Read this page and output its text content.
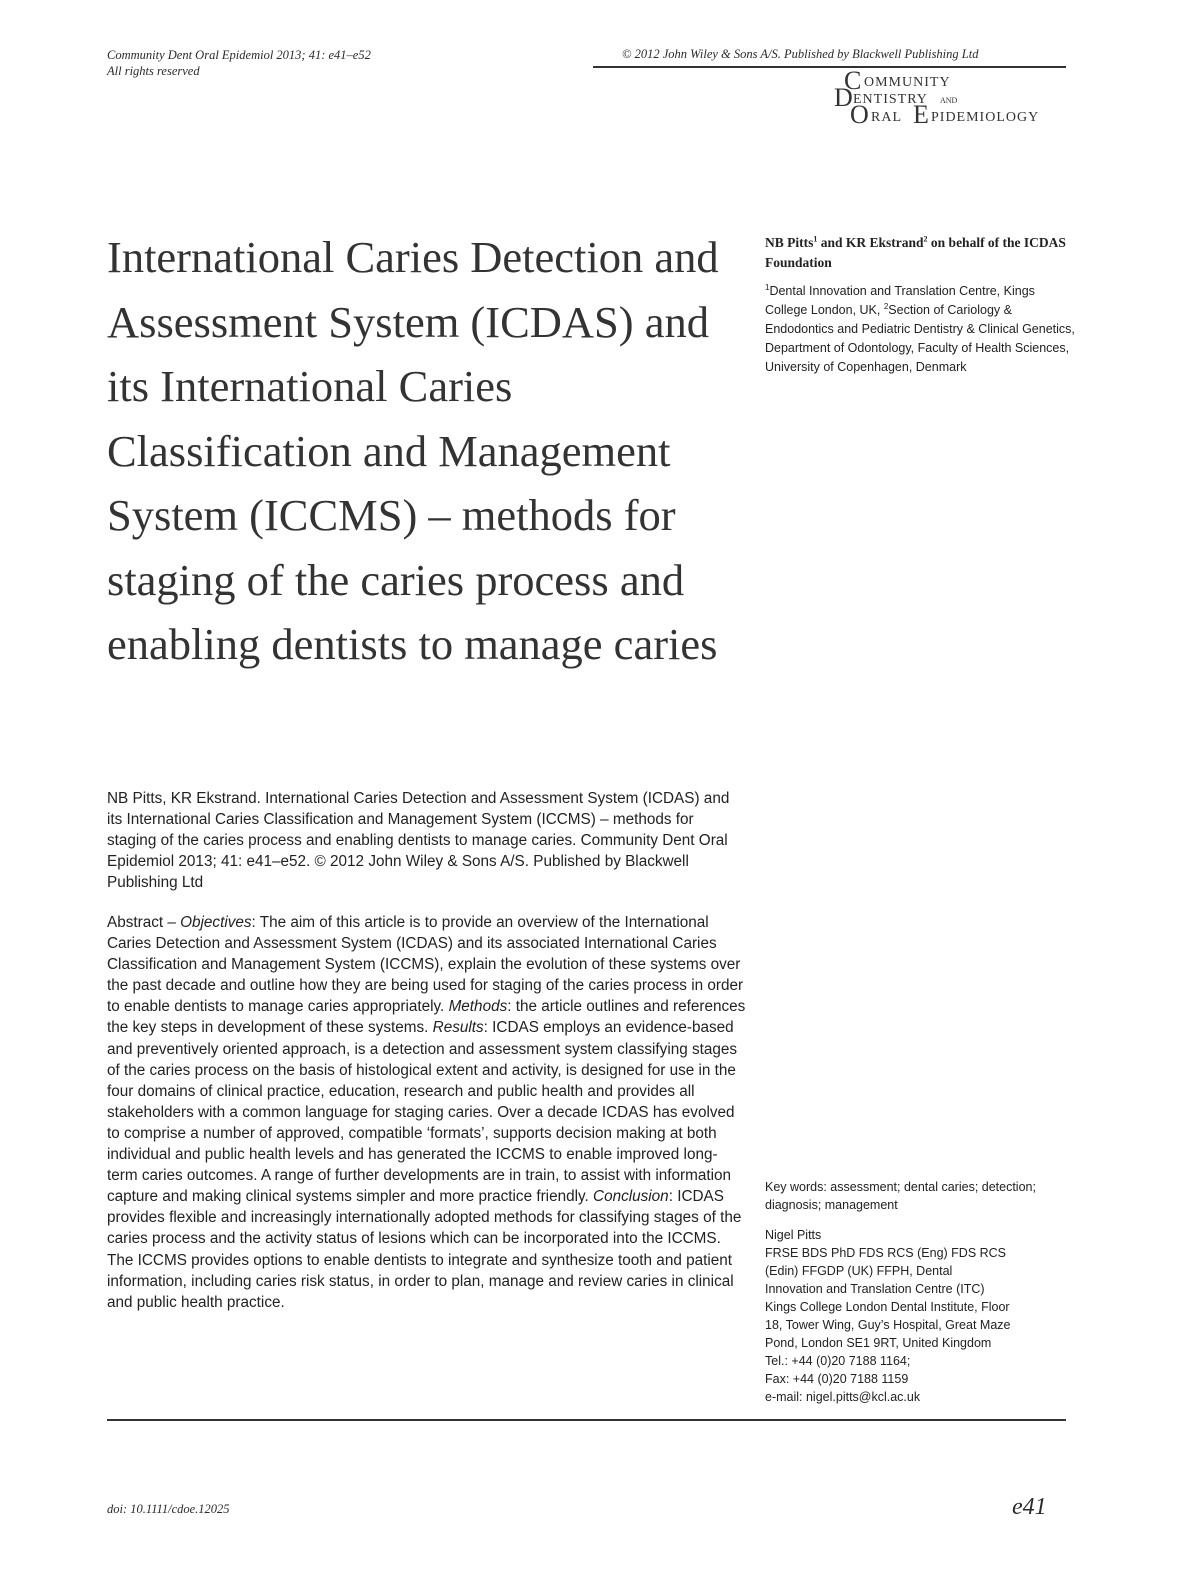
Community Dent Oral Epidemiol 2013; 41: e41–e52
All rights reserved
© 2012 John Wiley & Sons A/S. Published by Blackwell Publishing Ltd
C OMMUNITY
D ENTISTRY AND
O RAL E PIDEMIOLOGY
International Caries Detection and Assessment System (ICDAS) and its International Caries Classification and Management System (ICCMS) – methods for staging of the caries process and enabling dentists to manage caries
NB Pitts$^1$ and KR Ekstrand$^2$ on behalf of the ICDAS Foundation
$^1$Dental Innovation and Translation Centre, Kings College London, UK, $^2$Section of Cariology & Endodontics and Pediatric Dentistry & Clinical Genetics, Department of Odontology, Faculty of Health Sciences, University of Copenhagen, Denmark

NB Pitts, KR Ekstrand. International Caries Detection and Assessment System (ICDAS) and its International Caries Classification and Management System (ICCMS) – methods for staging of the caries process and enabling dentists to manage caries. Community Dent Oral Epidemiol 2013; 41: e41–e52. © 2012 John Wiley & Sons A/S. Published by Blackwell Publishing Ltd

Abstract – Objectives: The aim of this article is to provide an overview of the International Caries Detection and Assessment System (ICDAS) and its associated International Caries Classification and Management System (ICCMS), explain the evolution of these systems over the past decade and outline how they are being used for staging of the caries process in order to enable dentists to manage caries appropriately. Methods: the article outlines and references the key steps in development of these systems. Results: ICDAS employs an evidence-based and preventively oriented approach, is a detection and assessment system classifying stages of the caries process on the basis of histological extent and activity, is designed for use in the four domains of clinical practice, education, research and public health and provides all stakeholders with a common language for staging caries. Over a decade ICDAS has evolved to comprise a number of approved, compatible ‘formats’, supports decision making at both individual and public health levels and has generated the ICCMS to enable improved long-term caries outcomes. A range of further developments are in train, to assist with information capture and making clinical systems simpler and more practice friendly. Conclusion: ICDAS provides flexible and increasingly internationally adopted methods for classifying stages of the caries process and the activity status of lesions which can be incorporated into the ICCMS. The ICCMS provides options to enable dentists to integrate and synthesize tooth and patient information, including caries risk status, in order to plan, manage and review caries in clinical and public health practice.

Key words: assessment; dental caries; detection; diagnosis; management
Nigel Pitts
FRSE BDS PhD FDS RCS (Eng) FDS RCS
(Edin) FFGDP (UK) FFPH, Dental
Innovation and Translation Centre (ITC)
Kings College London Dental Institute, Floor
18, Tower Wing, Guy’s Hospital, Great Maze
Pond, London SE1 9RT, United Kingdom
Tel.: +44 (0)20 7188 1164;
Fax: +44 (0)20 7188 1159
e-mail: nigel.pitts@kcl.ac.uk
doi: 10.1111/cdoe.12025	e41
